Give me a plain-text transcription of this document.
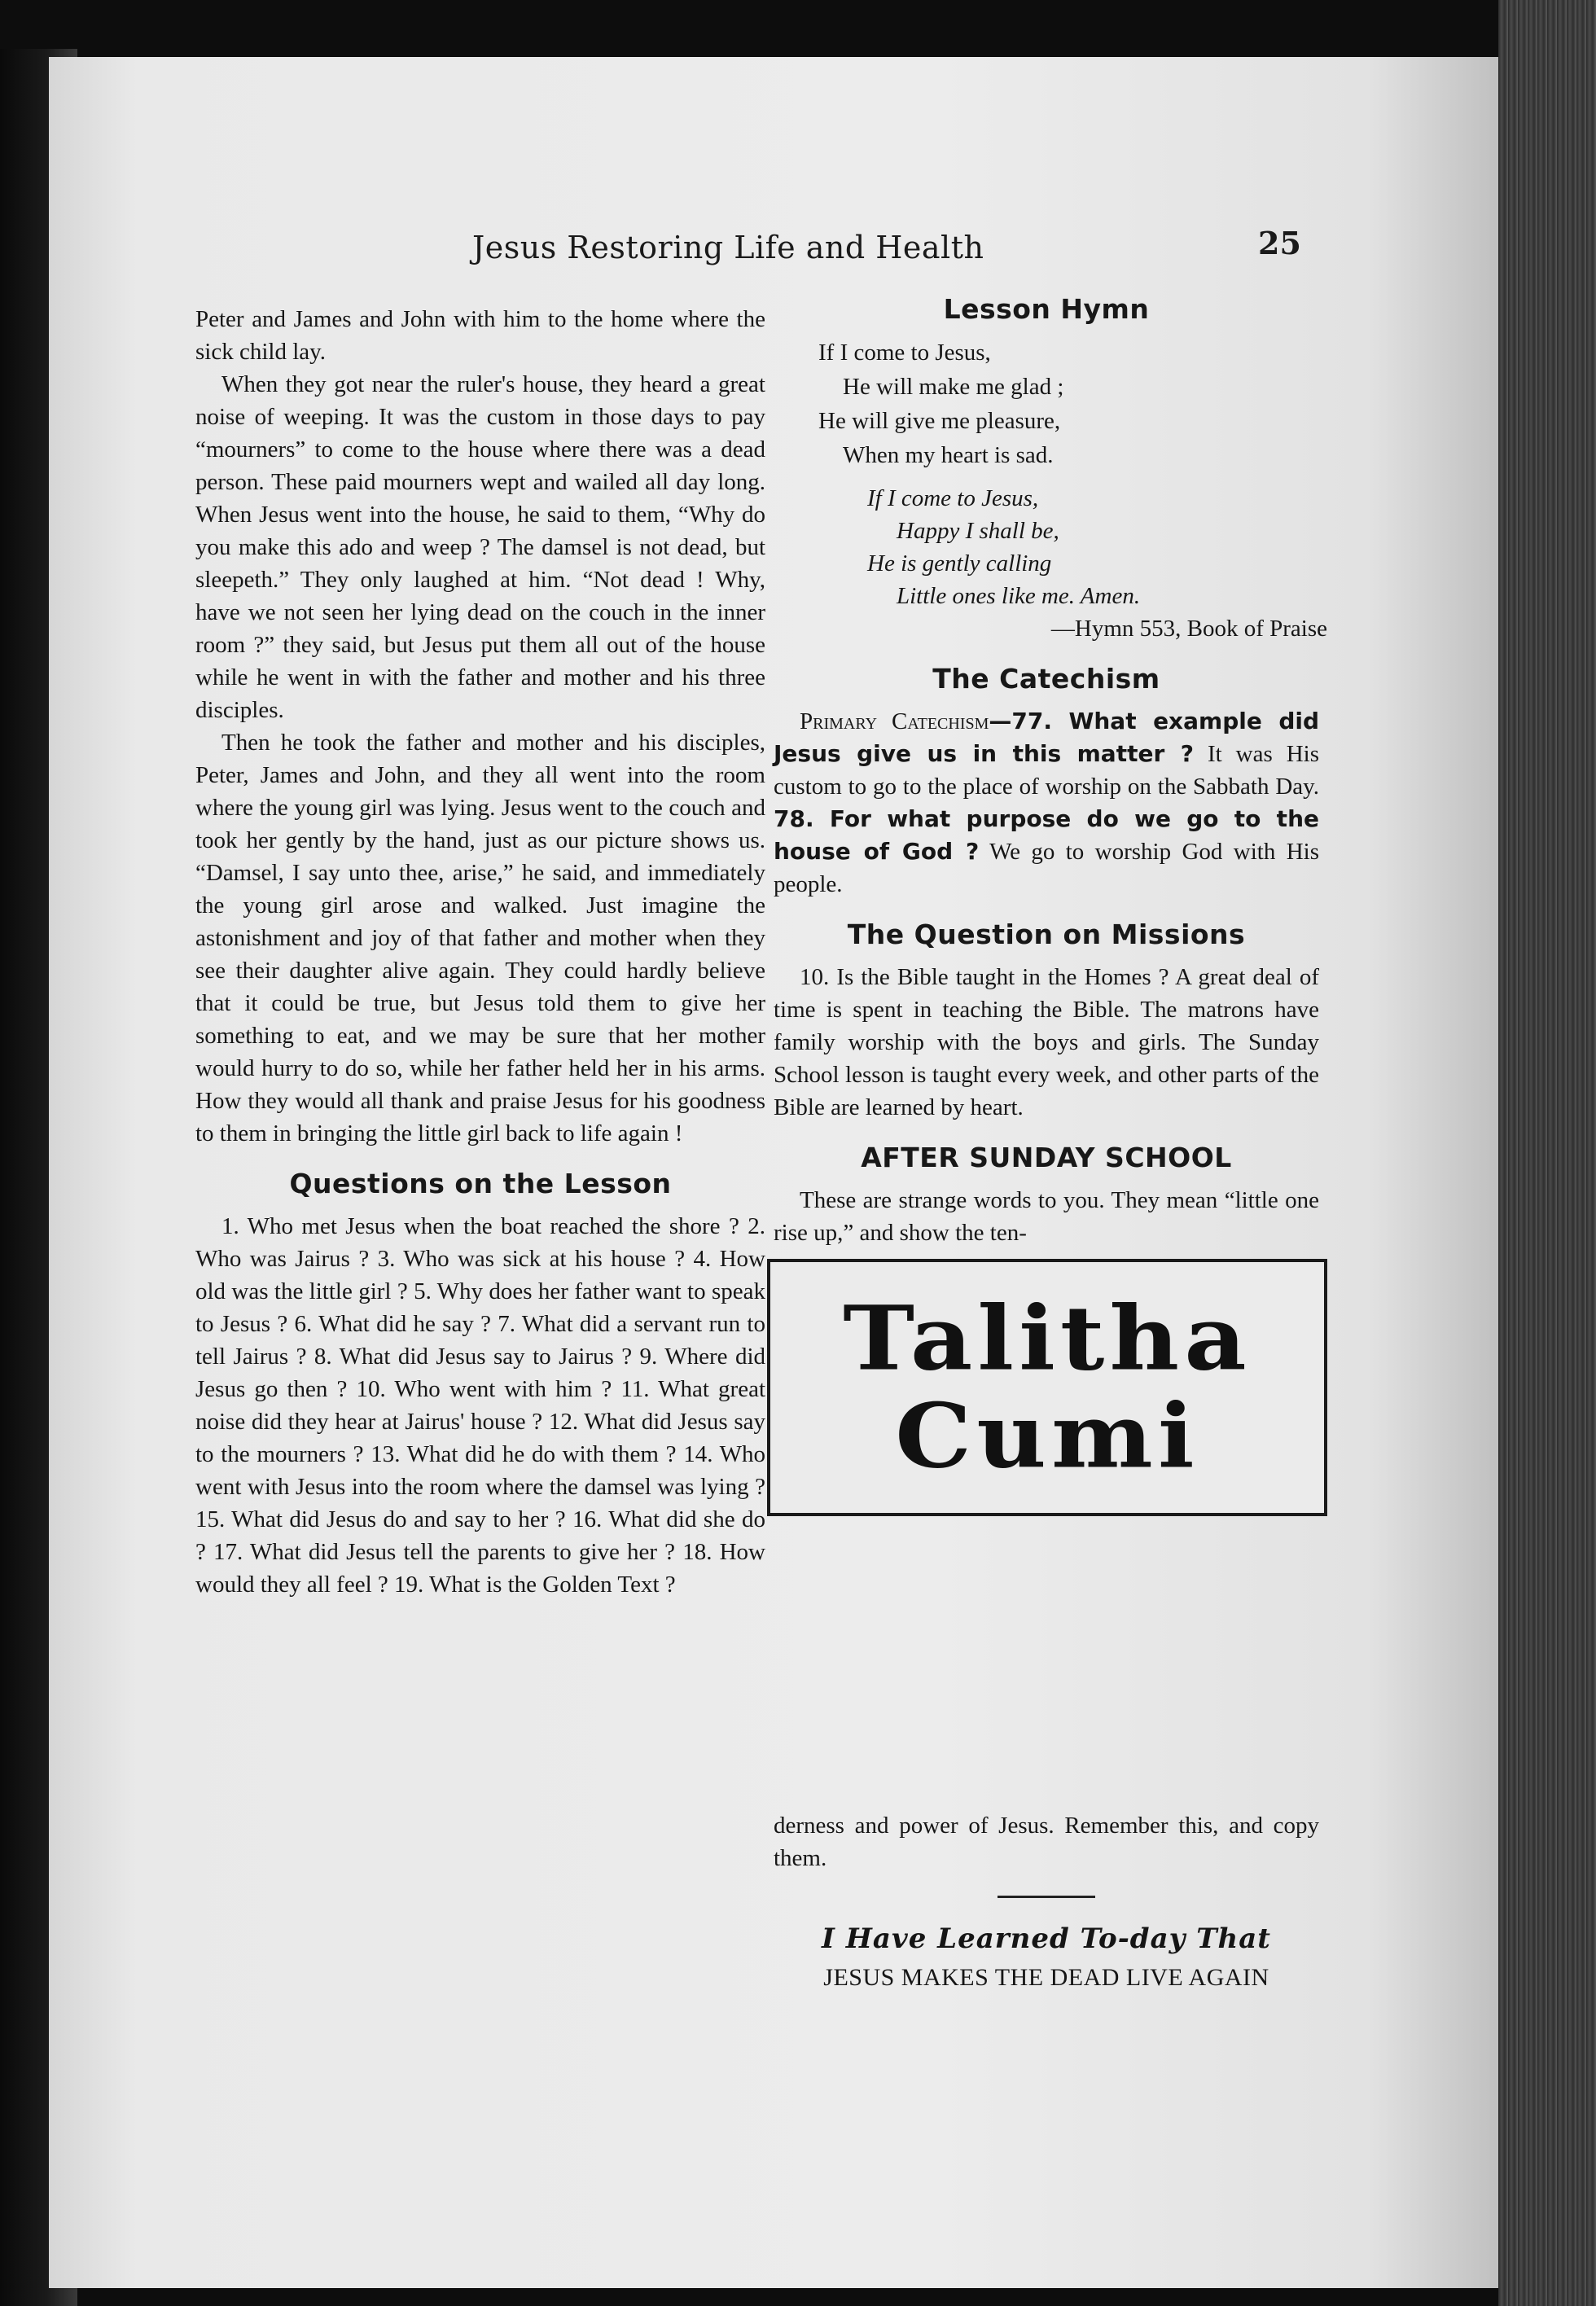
Jesus Restoring Life and Health	25

Peter and James and John with him to the home where the sick child lay.

When they got near the ruler's house, they heard a great noise of weeping. It was the custom in those days to pay “mourners” to come to the house where there was a dead person. These paid mourners wept and wailed all day long. When Jesus went into the house, he said to them, “Why do you make this ado and weep ? The damsel is not dead, but sleepeth.” They only laughed at him. “Not dead ! Why, have we not seen her lying dead on the couch in the inner room ?” they said, but Jesus put them all out of the house while he went in with the father and mother and his three disciples.

Then he took the father and mother and his disciples, Peter, James and John, and they all went into the room where the young girl was lying. Jesus went to the couch and took her gently by the hand, just as our picture shows us. “Damsel, I say unto thee, arise,” he said, and immediately the young girl arose and walked. Just imagine the astonishment and joy of that father and mother when they see their daughter alive again. They could hardly believe that it could be true, but Jesus told them to give her something to eat, and we may be sure that her mother would hurry to do so, while her father held her in his arms. How they would all thank and praise Jesus for his goodness to them in bringing the little girl back to life again !

Questions on the Lesson

1. Who met Jesus when the boat reached the shore ? 2. Who was Jairus ? 3. Who was sick at his house ? 4. How old was the little girl ? 5. Why does her father want to speak to Jesus ? 6. What did he say ? 7. What did a servant run to tell Jairus ? 8. What did Jesus say to Jairus ? 9. Where did Jesus go then ? 10. Who went with him ? 11. What great noise did they hear at Jairus' house ? 12. What did Jesus say to the mourners ? 13. What did he do with them ? 14. Who went with Jesus into the room where the damsel was lying ? 15. What did Jesus do and say to her ? 16. What did she do ? 17. What did Jesus tell the parents to give her ? 18. How would they all feel ? 19. What is the Golden Text ?

Lesson Hymn
If I come to Jesus,
He will make me glad ;
He will give me pleasure,
When my heart is sad.
If I come to Jesus,
Happy I shall be,
He is gently calling
Little ones like me. Amen.
—Hymn 553, Book of Praise
The Catechism

Primary Catechism—77. What example did Jesus give us in this matter ? It was His custom to go to the place of worship on the Sabbath Day. 78. For what purpose do we go to the house of God ? We go to worship God with His people.

The Question on Missions

10. Is the Bible taught in the Homes ? A great deal of time is spent in teaching the Bible. The matrons have family worship with the boys and girls. The Sunday School lesson is taught every week, and other parts of the Bible are learned by heart.

AFTER SUNDAY SCHOOL

These are strange words to you. They mean “little one rise up,” and show the ten-

Talitha
Cumi

derness and power of Jesus. Remember this, and copy them.

I Have Learned To-day That
JESUS MAKES THE DEAD LIVE AGAIN
